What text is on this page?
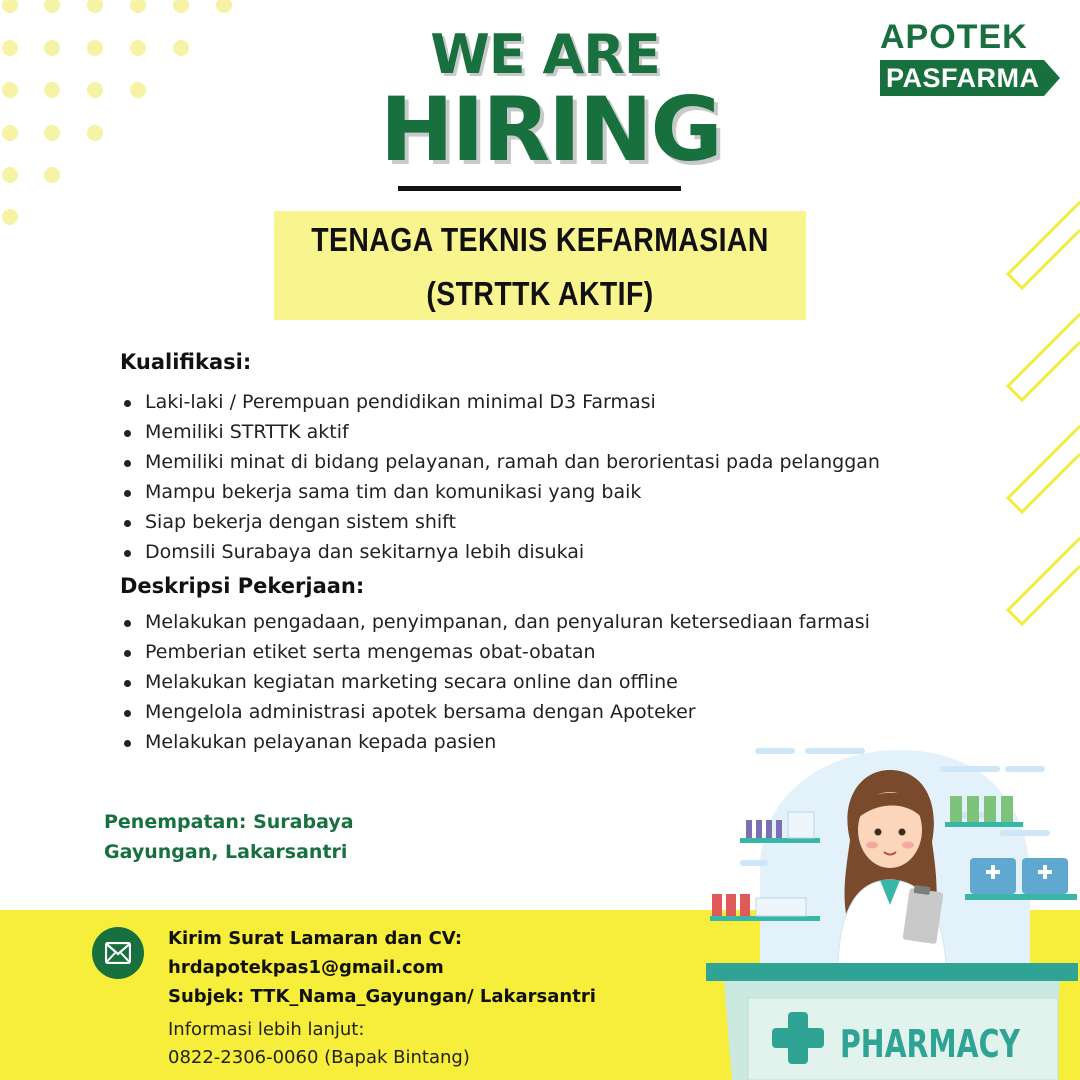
WE ARE
HIRING
APOTEK
PASFARMA
TENAGA TEKNIS KEFARMASIAN
(STRTTK AKTIF)
Kualifikasi:
Laki-laki / Perempuan pendidikan minimal D3 Farmasi
Memiliki STRTTK aktif
Memiliki minat di bidang pelayanan, ramah dan berorientasi pada pelanggan
Mampu bekerja sama tim dan komunikasi yang baik
Siap bekerja dengan sistem shift
Domsili Surabaya dan sekitarnya lebih disukai
Deskripsi Pekerjaan:
Melakukan pengadaan, penyimpanan, dan penyaluran ketersediaan farmasi
Pemberian etiket serta mengemas obat-obatan
Melakukan kegiatan marketing secara online dan offline
Mengelola administrasi apotek bersama dengan Apoteker
Melakukan pelayanan kepada pasien
Penempatan: Surabaya
Gayungan, Lakarsantri
Kirim Surat Lamaran dan CV:
hrdapotekpas1@gmail.com
Subjek: TTK_Nama_Gayungan/ Lakarsantri
Informasi lebih lanjut:
0822-2306-0060 (Bapak Bintang)	PHARMACY
